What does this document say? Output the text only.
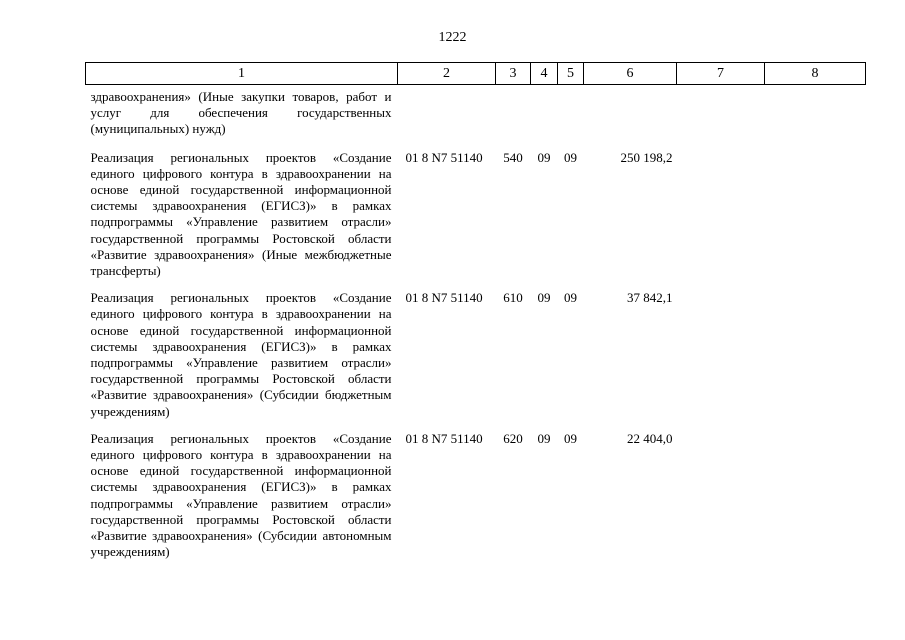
1222
1	2	3	4	5	6	7	8
здравоохранения» (Иные закупки товаров, работ и услуг для обеспечения государственных (муниципальных) нужд)							
Реализация региональных проектов «Создание единого цифрового контура в здравоохранении на основе единой государственной информационной системы здравоохранения (ЕГИСЗ)» в рамках подпрограммы «Управление развитием отрасли» государственной программы Ростовской области «Развитие здравоохранения» (Иные межбюджетные трансферты)	01 8 N7 51140	540	09	09	250 198,2		
Реализация региональных проектов «Создание единого цифрового контура в здравоохранении на основе единой государственной информационной системы здравоохранения (ЕГИСЗ)» в рамках подпрограммы «Управление развитием отрасли» государственной программы Ростовской области «Развитие здравоохранения» (Субсидии бюджетным учреждениям)	01 8 N7 51140	610	09	09	37 842,1		
Реализация региональных проектов «Создание единого цифрового контура в здравоохранении на основе единой государственной информационной системы здравоохранения (ЕГИСЗ)» в рамках подпрограммы «Управление развитием отрасли» государственной программы Ростовской области «Развитие здравоохранения» (Субсидии автономным учреждениям)	01 8 N7 51140	620	09	09	22 404,0		
